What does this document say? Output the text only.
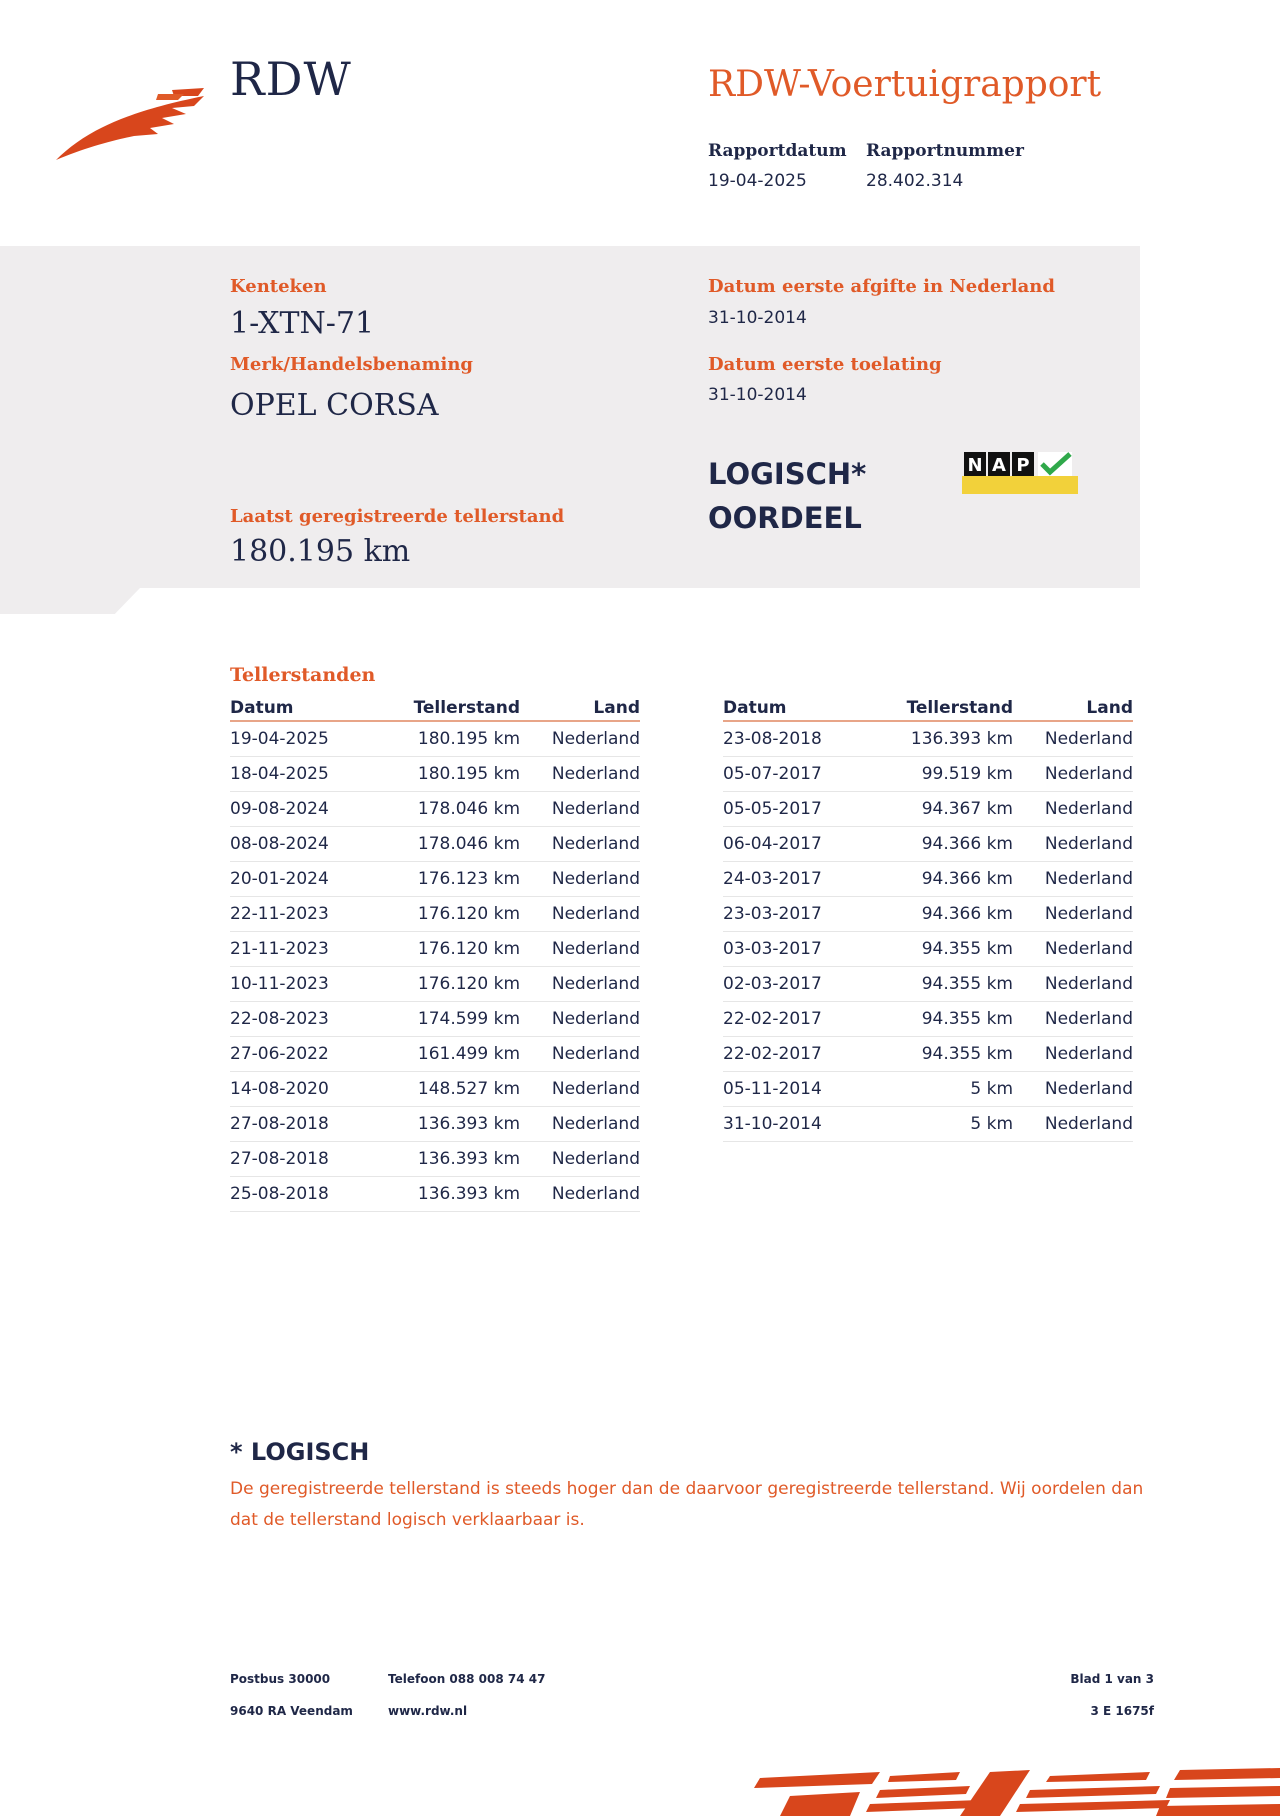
RDW	RDW-Voertuigrapport
Rapportdatum
19-04-2025
Rapportnummer
28.402.314
Kenteken
1-XTN-71
Merk/Handelsbenaming
OPEL CORSA
Laatst geregistreerde tellerstand
180.195 km
Datum eerste afgifte in Nederland
31-10-2014
Datum eerste toelating
31-10-2014
LOGISCH*
OORDEEL
N A P
Tellerstanden
Datum	Tellerstand	Land
19-04-2025	180.195 km	Nederland
18-04-2025	180.195 km	Nederland
09-08-2024	178.046 km	Nederland
08-08-2024	178.046 km	Nederland
20-01-2024	176.123 km	Nederland
22-11-2023	176.120 km	Nederland
21-11-2023	176.120 km	Nederland
10-11-2023	176.120 km	Nederland
22-08-2023	174.599 km	Nederland
27-06-2022	161.499 km	Nederland
14-08-2020	148.527 km	Nederland
27-08-2018	136.393 km	Nederland
27-08-2018	136.393 km	Nederland
25-08-2018	136.393 km	Nederland
Datum	Tellerstand	Land
23-08-2018	136.393 km	Nederland
05-07-2017	99.519 km	Nederland
05-05-2017	94.367 km	Nederland
06-04-2017	94.366 km	Nederland
24-03-2017	94.366 km	Nederland
23-03-2017	94.366 km	Nederland
03-03-2017	94.355 km	Nederland
02-03-2017	94.355 km	Nederland
22-02-2017	94.355 km	Nederland
22-02-2017	94.355 km	Nederland
05-11-2014	5 km	Nederland
31-10-2014	5 km	Nederland
* LOGISCH
De geregistreerde tellerstand is steeds hoger dan de daarvoor geregistreerde tellerstand. Wij oordelen dan dat de tellerstand logisch verklaarbaar is.
Postbus 30000
9640 RA Veendam
Telefoon 088 008 74 47
www.rdw.nl
Blad 1 van 3
3 E 1675f
